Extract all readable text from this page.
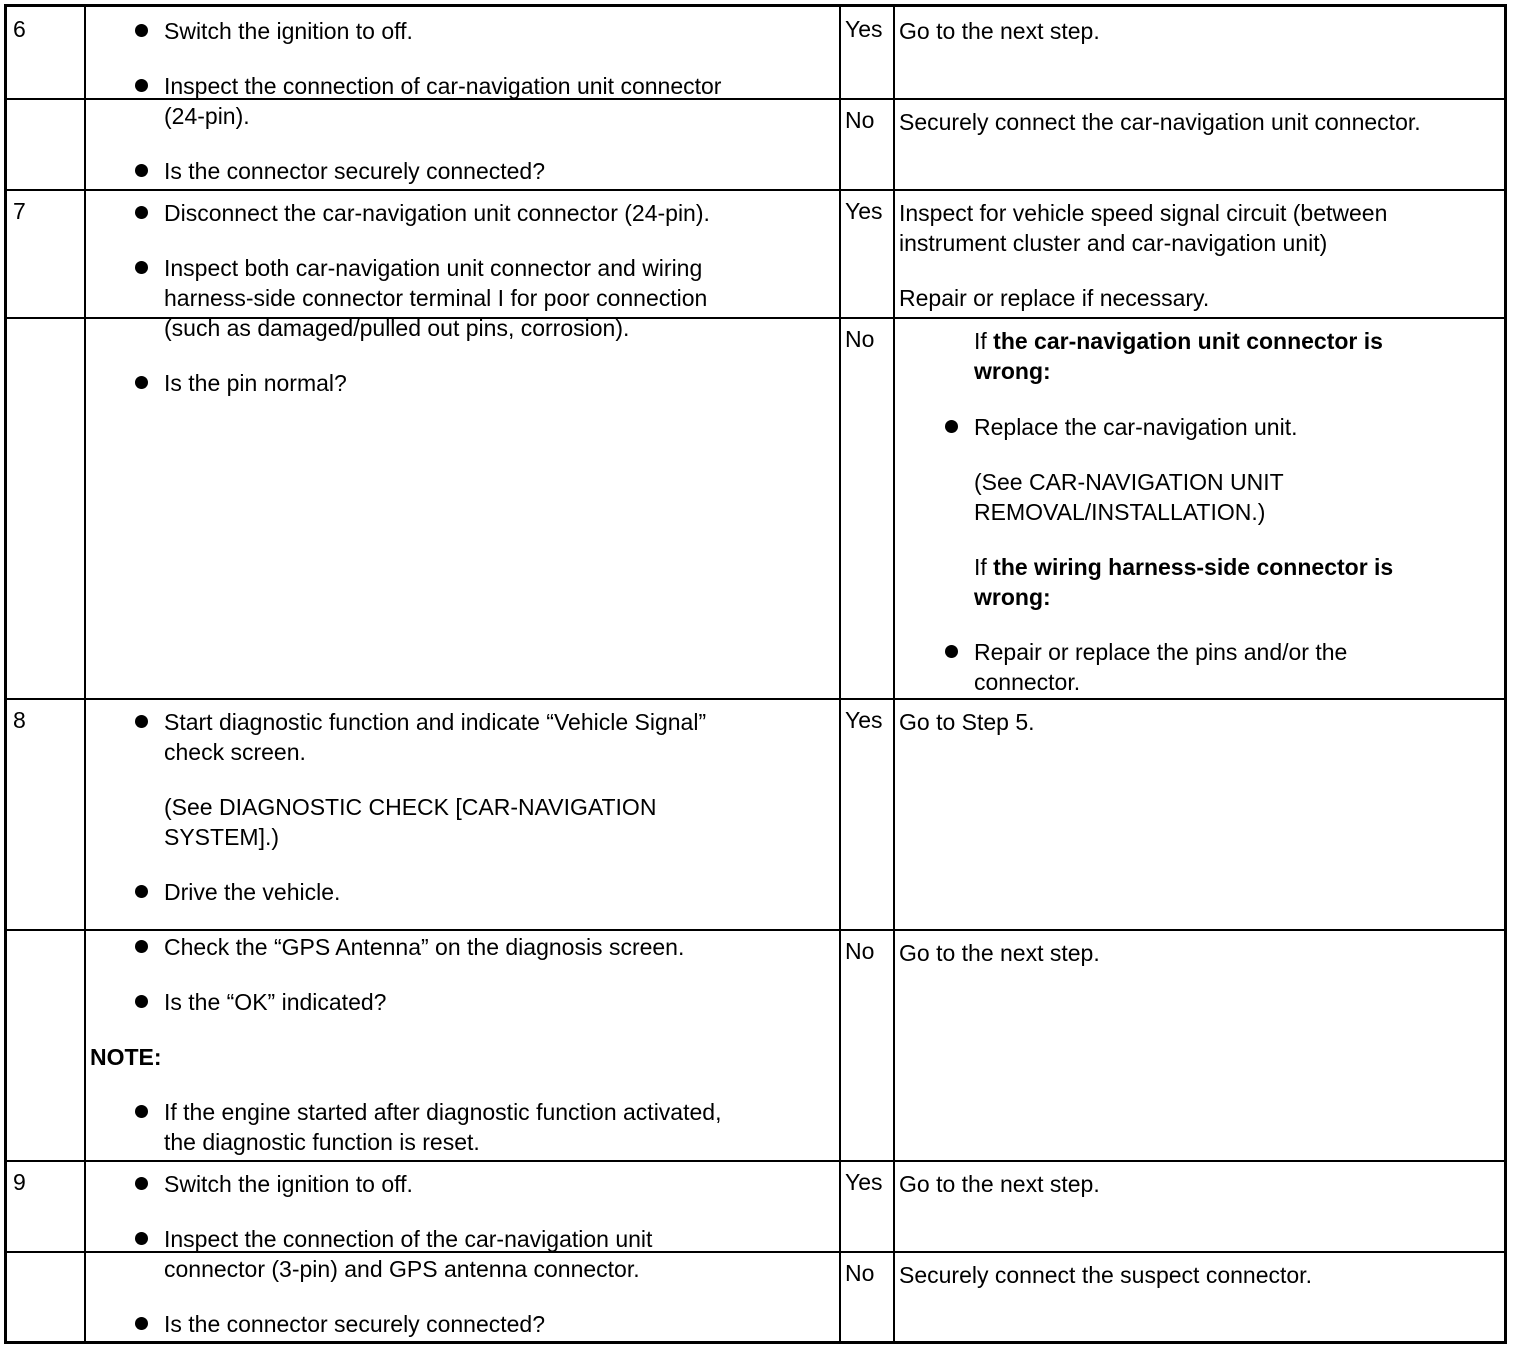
6	Switch the ignition to off.
Inspect the connection of car-navigation unit connector
(24-pin).
Is the connector securely connected?
Yes Go to the next step.
No Securely connect the car-navigation unit connector.
7	Disconnect the car-navigation unit connector (24-pin).
Inspect both car-navigation unit connector and wiring
harness-side connector terminal I for poor connection
(such as damaged/pulled out pins, corrosion).
Is the pin normal?
Yes Inspect for vehicle speed signal circuit (between
instrument cluster and car-navigation unit)
Repair or replace if necessary.
No	If the car-navigation unit connector is
wrong:
Replace the car-navigation unit.
(See CAR-NAVIGATION UNIT
REMOVAL/INSTALLATION.)
If the wiring harness-side connector is
wrong:
Repair or replace the pins and/or the
connector.
8	Start diagnostic function and indicate “Vehicle Signal”
check screen.
(See DIAGNOSTIC CHECK [CAR-NAVIGATION
SYSTEM].)
Drive the vehicle.
Check the “GPS Antenna” on the diagnosis screen.
Is the “OK” indicated?
NOTE:
If the engine started after diagnostic function activated,
the diagnostic function is reset.
Yes Go to Step 5.
No Go to the next step.
9	Switch the ignition to off.
Inspect the connection of the car-navigation unit
connector (3-pin) and GPS antenna connector.
Is the connector securely connected?
Yes Go to the next step.
No Securely connect the suspect connector.
